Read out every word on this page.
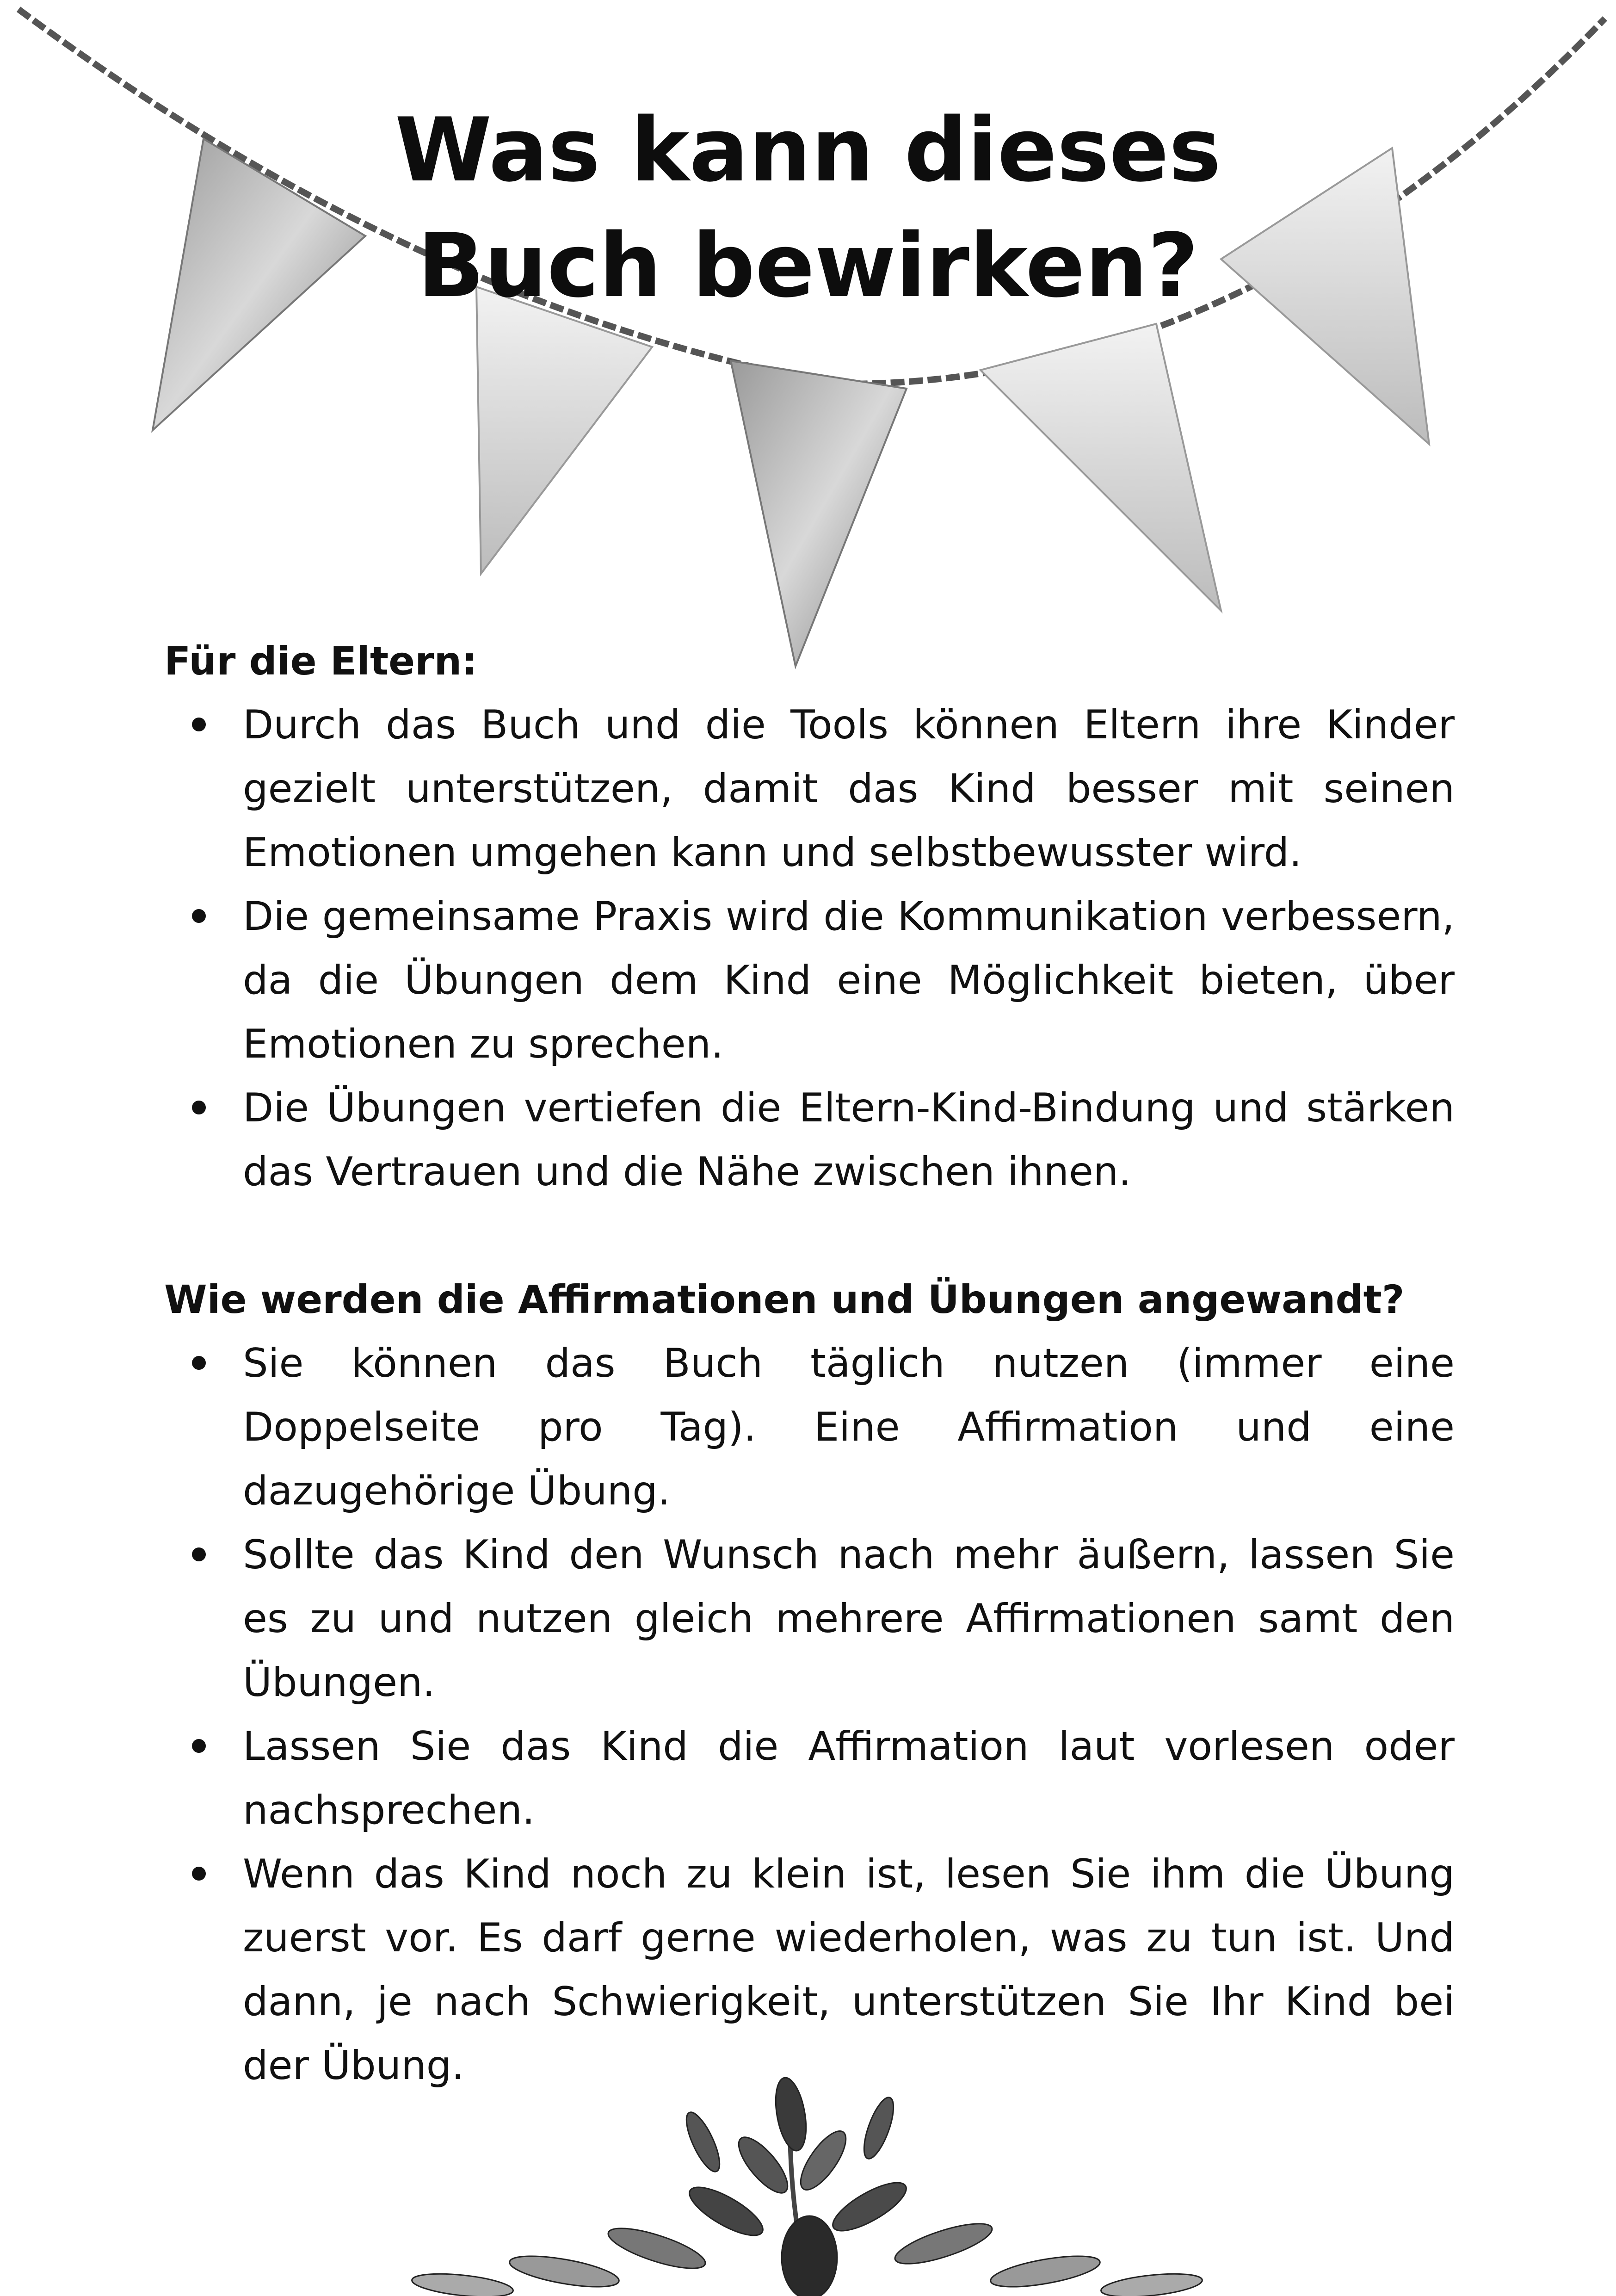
Was kann dieses
Buch bewirken?

Für die Eltern:

Durch das Buch und die Tools können Eltern ihre Kinder gezielt unterstützen, damit das Kind besser mit seinen Emotionen umgehen kann und selbstbewusster wird.
Die gemeinsame Praxis wird die Kommunikation verbessern, da die Übungen dem Kind eine Möglichkeit bieten, über Emotionen zu sprechen.
Die Übungen vertiefen die Eltern-Kind-Bindung und stärken das Vertrauen und die Nähe zwischen ihnen.

Wie werden die Affirmationen und Übungen angewandt?

Sie können das Buch täglich nutzen (immer eine Doppelseite pro Tag). Eine Affirmation und eine dazugehörige Übung.
Sollte das Kind den Wunsch nach mehr äußern, lassen Sie es zu und nutzen gleich mehrere Affirmationen samt den Übungen.
Lassen Sie das Kind die Affirmation laut vorlesen oder nachsprechen.
Wenn das Kind noch zu klein ist, lesen Sie ihm die Übung zuerst vor. Es darf gerne wiederholen, was zu tun ist. Und dann, je nach Schwierigkeit, unterstützen Sie Ihr Kind bei der Übung.
